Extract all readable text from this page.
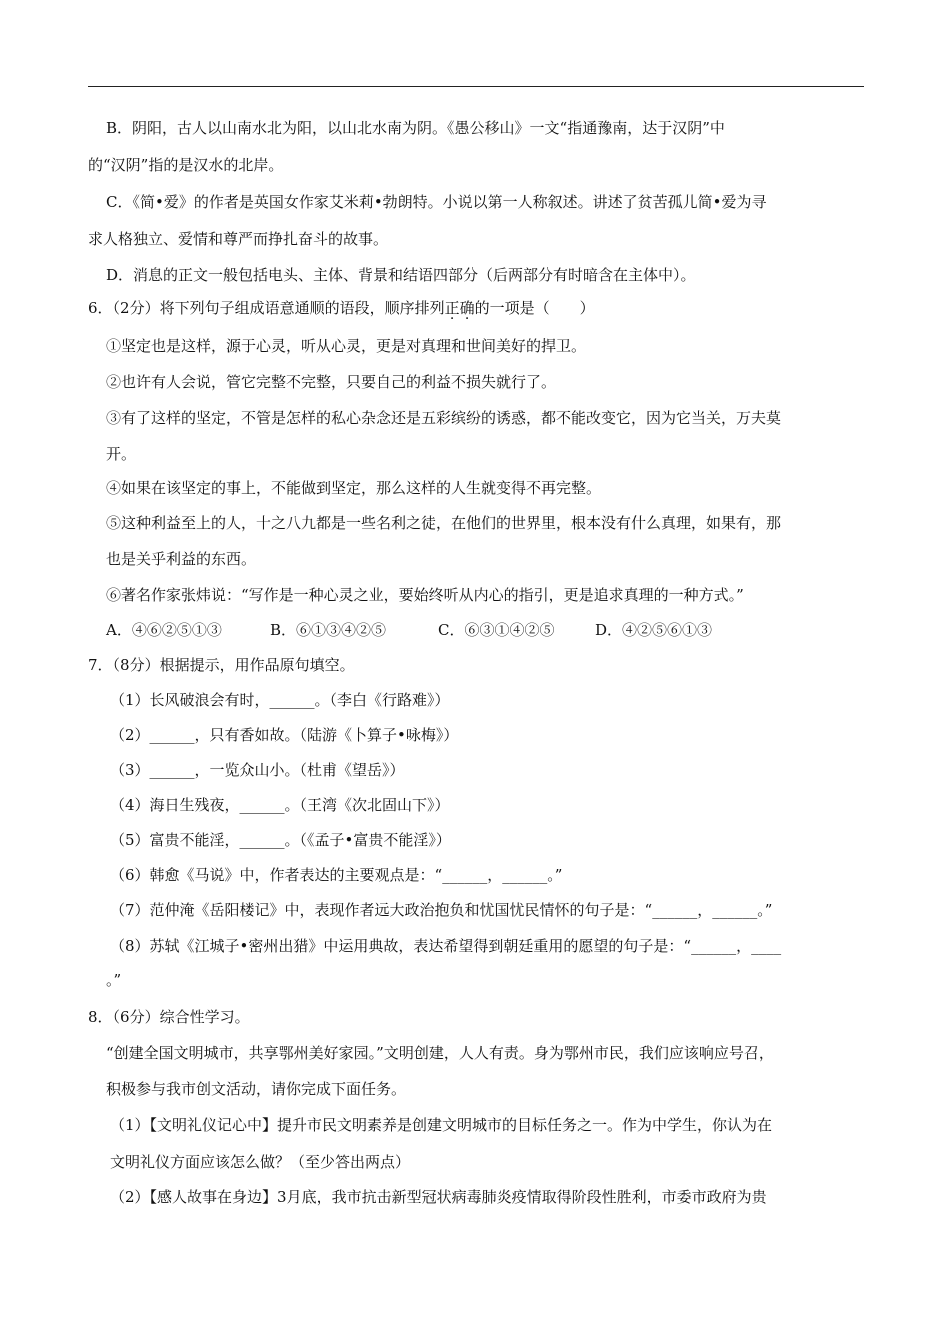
B．阴阳，古人以山南水北为阳，以山北水南为阴。《愚公移山》一文“指通豫南，达于汉阴”中
的“汉阴”指的是汉水的北岸。
C．《简•爱》的作者是英国女作家艾米莉•勃朗特。小说以第一人称叙述。讲述了贫苦孤儿简•爱为寻
求人格独立、爱情和尊严而挣扎奋斗的故事。
D．消息的正文一般包括电头、主体、背景和结语四部分（后两部分有时暗含在主体中）。
6．（2分）将下列句子组成语意通顺的语段，顺序排列正确的一项是（　　）
①坚定也是这样，源于心灵，听从心灵，更是对真理和世间美好的捍卫。
②也许有人会说，管它完整不完整，只要自己的利益不损失就行了。
③有了这样的坚定，不管是怎样的私心杂念还是五彩缤纷的诱惑，都不能改变它，因为它当关，万夫莫
开。
④如果在该坚定的事上，不能做到坚定，那么这样的人生就变得不再完整。
⑤这种利益至上的人，十之八九都是一些名利之徒，在他们的世界里，根本没有什么真理，如果有，那
也是关乎利益的东西。
⑥著名作家张炜说：“写作是一种心灵之业，要始终听从内心的指引，更是追求真理的一种方式。”
A．④⑥②⑤①③	B．⑥①③④②⑤	C．⑥③①④②⑤	D．④②⑤⑥①③
7．（8分）根据提示，用作品原句填空。
（1）长风破浪会有时，______。（李白《行路难》）
（2）______，只有香如故。（陆游《卜算子•咏梅》）
（3）______，一览众山小。（杜甫《望岳》）
（4）海日生残夜，______。（王湾《次北固山下》）
（5）富贵不能淫，______。（《孟子•富贵不能淫》）
（6）韩愈《马说》中，作者表达的主要观点是：“______，______。”
（7）范仲淹《岳阳楼记》中，表现作者远大政治抱负和忧国忧民情怀的句子是：“______，______。”
（8）苏轼《江城子•密州出猎》中运用典故，表达希望得到朝廷重用的愿望的句子是：“______，____
。”
8．（6分）综合性学习。
“创建全国文明城市，共享鄂州美好家园。”文明创建，人人有责。身为鄂州市民，我们应该响应号召，
积极参与我市创文活动，请你完成下面任务。
（1）【文明礼仪记心中】提升市民文明素养是创建文明城市的目标任务之一。作为中学生，你认为在
文明礼仪方面应该怎么做？（至少答出两点）
（2）【感人故事在身边】3月底，我市抗击新型冠状病毒肺炎疫情取得阶段性胜利，市委市政府为贵
